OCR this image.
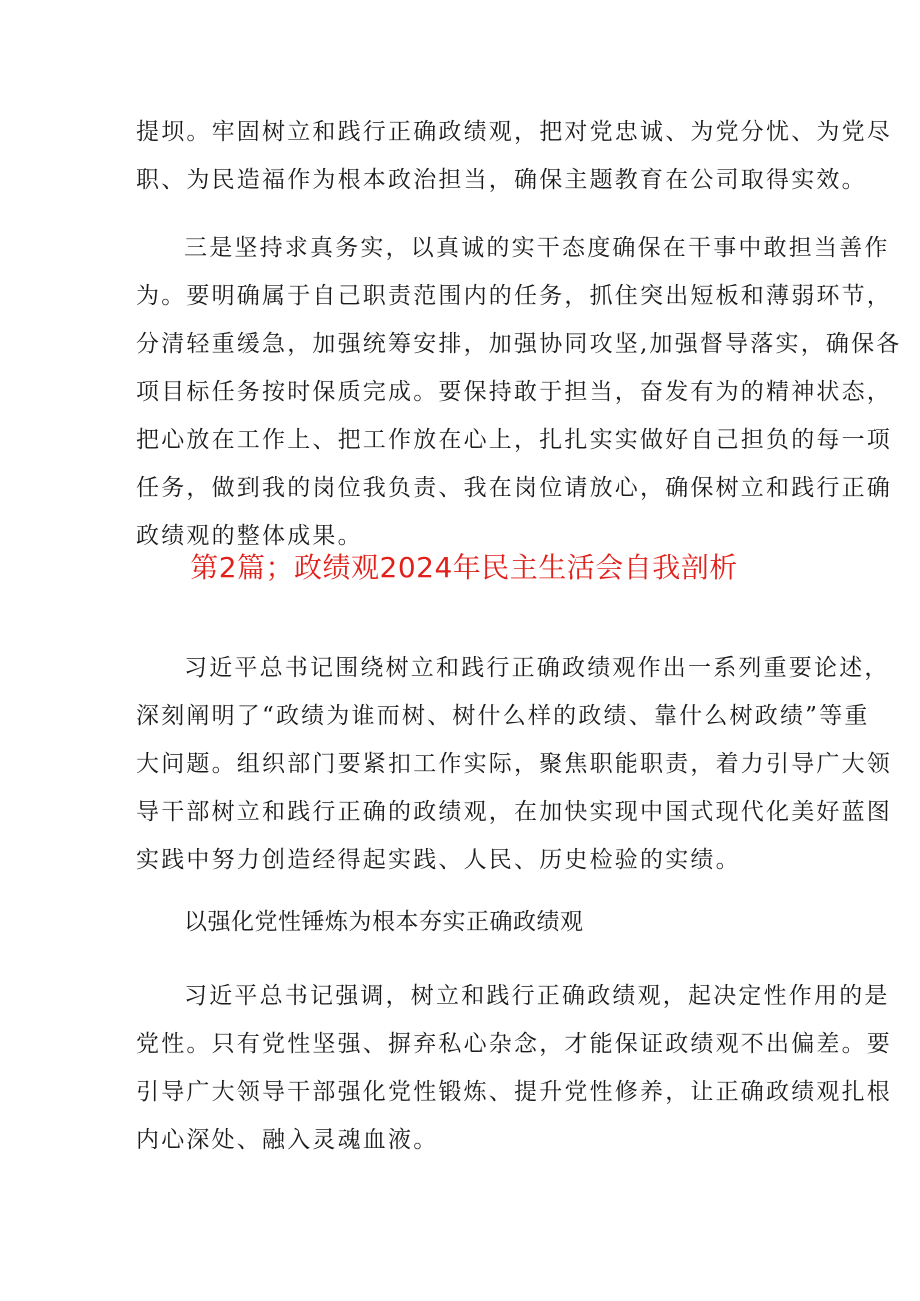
提坝。牢固树立和践行正确政绩观，把对党忠诚、为党分忧、为党尽
职、为民造福作为根本政治担当，确保主题教育在公司取得实效。
三是坚持求真务实，以真诚的实干态度确保在干事中敢担当善作
为。要明确属于自己职责范围内的任务，抓住突出短板和薄弱环节，
分清轻重缓急，加强统筹安排，加强协同攻坚,加强督导落实，确保各
项目标任务按时保质完成。要保持敢于担当，奋发有为的精神状态，
把心放在工作上、把工作放在心上，扎扎实实做好自己担负的每一项
任务，做到我的岗位我负责、我在岗位请放心，确保树立和践行正确
政绩观的整体成果。
第2篇；政绩观2024年民主生活会自我剖析
习近平总书记围绕树立和践行正确政绩观作出一系列重要论述，
深刻阐明了“政绩为谁而树、树什么样的政绩、靠什么树政绩”等重
大问题。组织部门要紧扣工作实际，聚焦职能职责，着力引导广大领
导干部树立和践行正确的政绩观，在加快实现中国式现代化美好蓝图
实践中努力创造经得起实践、人民、历史检验的实绩。
以强化党性锤炼为根本夯实正确政绩观
习近平总书记强调，树立和践行正确政绩观，起决定性作用的是
党性。只有党性坚强、摒弃私心杂念，才能保证政绩观不出偏差。要
引导广大领导干部强化党性锻炼、提升党性修养，让正确政绩观扎根
内心深处、融入灵魂血液。
